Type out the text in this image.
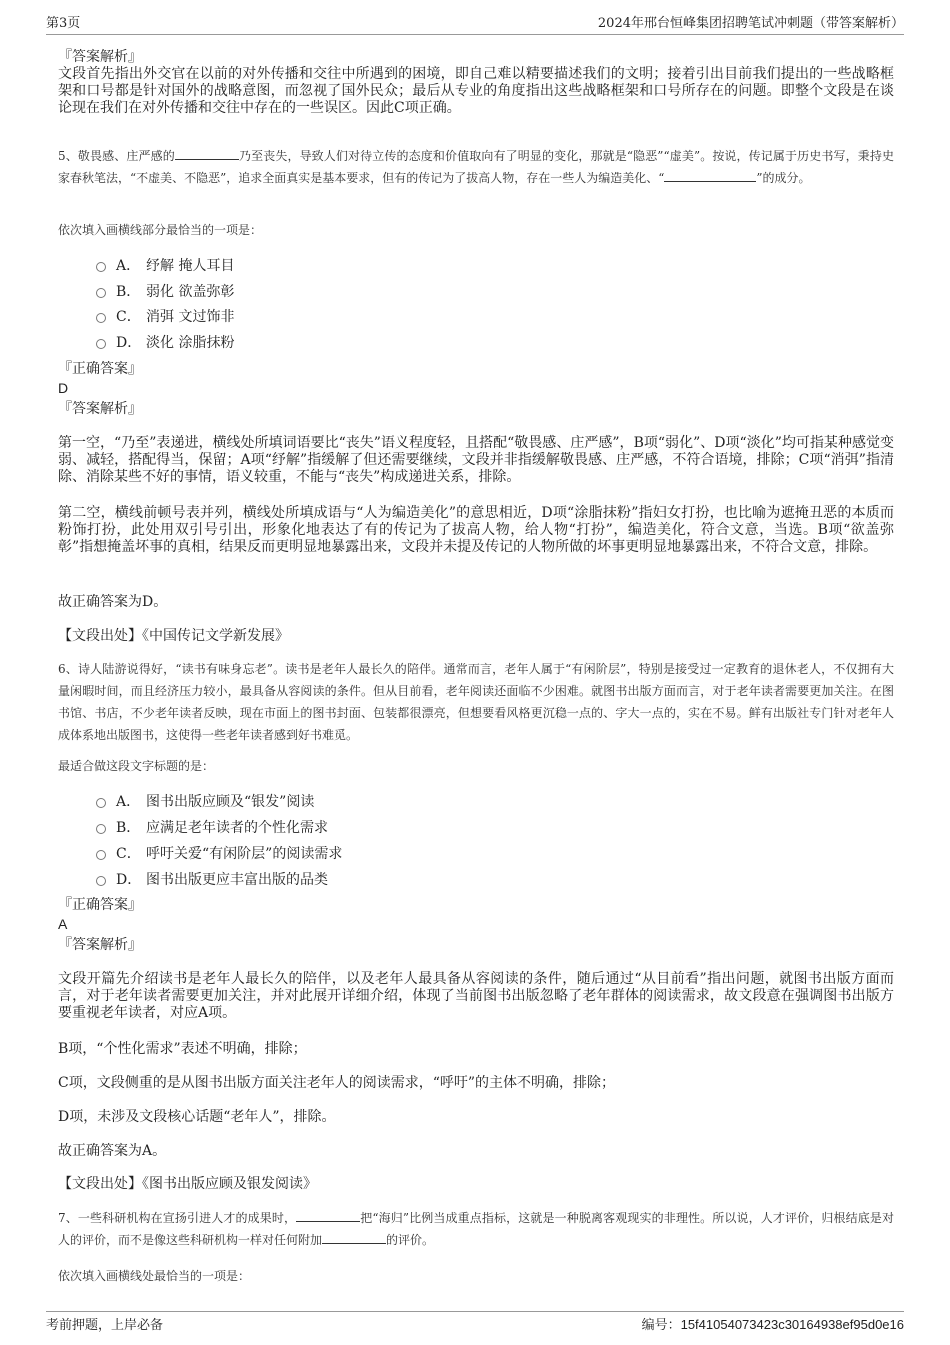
第3页	2024年邢台恒峰集团招聘笔试冲刺题（带答案解析）
『答案解析』
文段首先指出外交官在以前的对外传播和交往中所遇到的困境，即自己难以精要描述我们的文明；接着引出目前我们提出的一些战略框架和口号都是针对国外的战略意图，而忽视了国外民众；最后从专业的角度指出这些战略框架和口号所存在的问题。即整个文段是在谈论现在我们在对外传播和交往中存在的一些误区。因此C项正确。
5、敬畏感、庄严感的	乃至丧失，导致人们对待立传的态度和价值取向有了明显的变化，那就是“隐恶”“虚美”。按说，传记属于历史书写，秉持史家春秋笔法，“不虚美、不隐恶”，追求全面真实是基本要求，但有的传记为了拔高人物，存在一些人为编造美化、“	”的成分。
依次填入画横线部分最恰当的一项是：
A． 纾解 掩人耳目
B． 弱化 欲盖弥彰
C． 消弭 文过饰非
D． 淡化 涂脂抹粉
『正确答案』
D
『答案解析』
第一空，“乃至”表递进，横线处所填词语要比“丧失”语义程度轻，且搭配“敬畏感、庄严感”，B项“弱化”、D项“淡化”均可指某种感觉变弱、减轻，搭配得当，保留；A项“纾解”指缓解了但还需要继续，文段并非指缓解敬畏感、庄严感，不符合语境，排除；C项“消弭”指清除、消除某些不好的事情，语义较重，不能与“丧失”构成递进关系，排除。
第二空，横线前顿号表并列，横线处所填成语与“人为编造美化”的意思相近，D项“涂脂抹粉”指妇女打扮，也比喻为遮掩丑恶的本质而粉饰打扮，此处用双引号引出，形象化地表达了有的传记为了拔高人物，给人物“打扮”，编造美化，符合文意，当选。B项“欲盖弥彰”指想掩盖坏事的真相，结果反而更明显地暴露出来，文段并未提及传记的人物所做的坏事更明显地暴露出来，不符合文意，排除。
故正确答案为D。
【文段出处】《中国传记文学新发展》
6、诗人陆游说得好，“读书有味身忘老”。读书是老年人最长久的陪伴。通常而言，老年人属于“有闲阶层”，特别是接受过一定教育的退休老人，不仅拥有大量闲暇时间，而且经济压力较小，最具备从容阅读的条件。但从目前看，老年阅读还面临不少困难。就图书出版方面而言，对于老年读者需要更加关注。在图书馆、书店，不少老年读者反映，现在市面上的图书封面、包装都很漂亮，但想要看风格更沉稳一点的、字大一点的，实在不易。鲜有出版社专门针对老年人成体系地出版图书，这使得一些老年读者感到好书难觅。
最适合做这段文字标题的是：
A． 图书出版应顾及“银发”阅读
B． 应满足老年读者的个性化需求
C． 呼吁关爱“有闲阶层”的阅读需求
D． 图书出版更应丰富出版的品类
『正确答案』
A
『答案解析』
文段开篇先介绍读书是老年人最长久的陪伴，以及老年人最具备从容阅读的条件，随后通过“从目前看”指出问题，就图书出版方面而言，对于老年读者需要更加关注，并对此展开详细介绍，体现了当前图书出版忽略了老年群体的阅读需求，故文段意在强调图书出版方要重视老年读者，对应A项。
B项，“个性化需求”表述不明确，排除；
C项，文段侧重的是从图书出版方面关注老年人的阅读需求，“呼吁”的主体不明确，排除；
D项，未涉及文段核心话题“老年人”，排除。
故正确答案为A。
【文段出处】《图书出版应顾及银发阅读》
7、一些科研机构在宣扬引进人才的成果时，	把“海归”比例当成重点指标，这就是一种脱离客观现实的非理性。所以说，人才评价，归根结底是对人的评价，而不是像这些科研机构一样对任何附加	的评价。
依次填入画横线处最恰当的一项是：
考前押题，上岸必备	编号：15f41054073423c30164938ef95d0e16
